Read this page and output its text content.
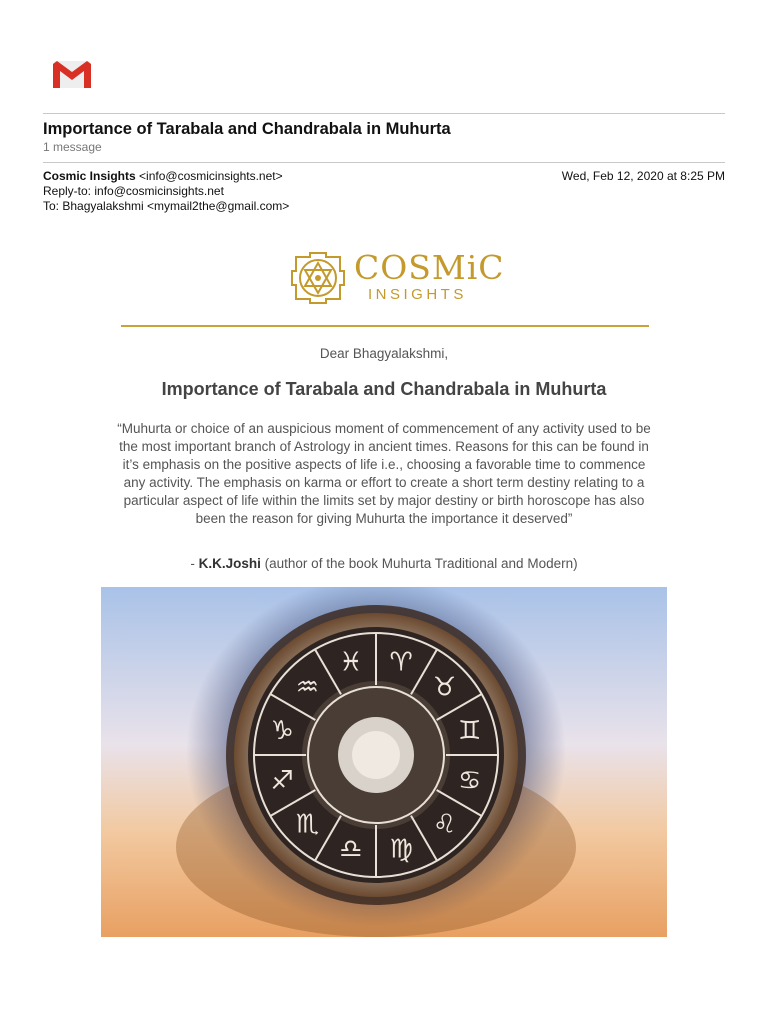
Importance of Tarabala and Chandrabala in Muhurta
1 message
Cosmic Insights <info@cosmicinsights.net>	Wed, Feb 12, 2020 at 8:25 PM
Reply-to: info@cosmicinsights.net
To: Bhagyalakshmi <mymail2the@gmail.com>
COSMiC
INSIGHTS
Dear Bhagyalakshmi,
Importance of Tarabala and Chandrabala in Muhurta
“Muhurta or choice of an auspicious moment of commencement of any activity used to be the most important branch of Astrology in ancient times. Reasons for this can be found in it’s emphasis on the positive aspects of life i.e., choosing a favorable time to commence any activity. The emphasis on karma or effort to create a short term destiny relating to a particular aspect of life within the limits set by major destiny or birth horoscope has also been the reason for giving Muhurta the importance it deserved”
- K.K.Joshi (author of the book Muhurta Traditional and Modern)
♈
♉
♊
♋
♌
♍
♎
♏
♐
♑
♒
♓
